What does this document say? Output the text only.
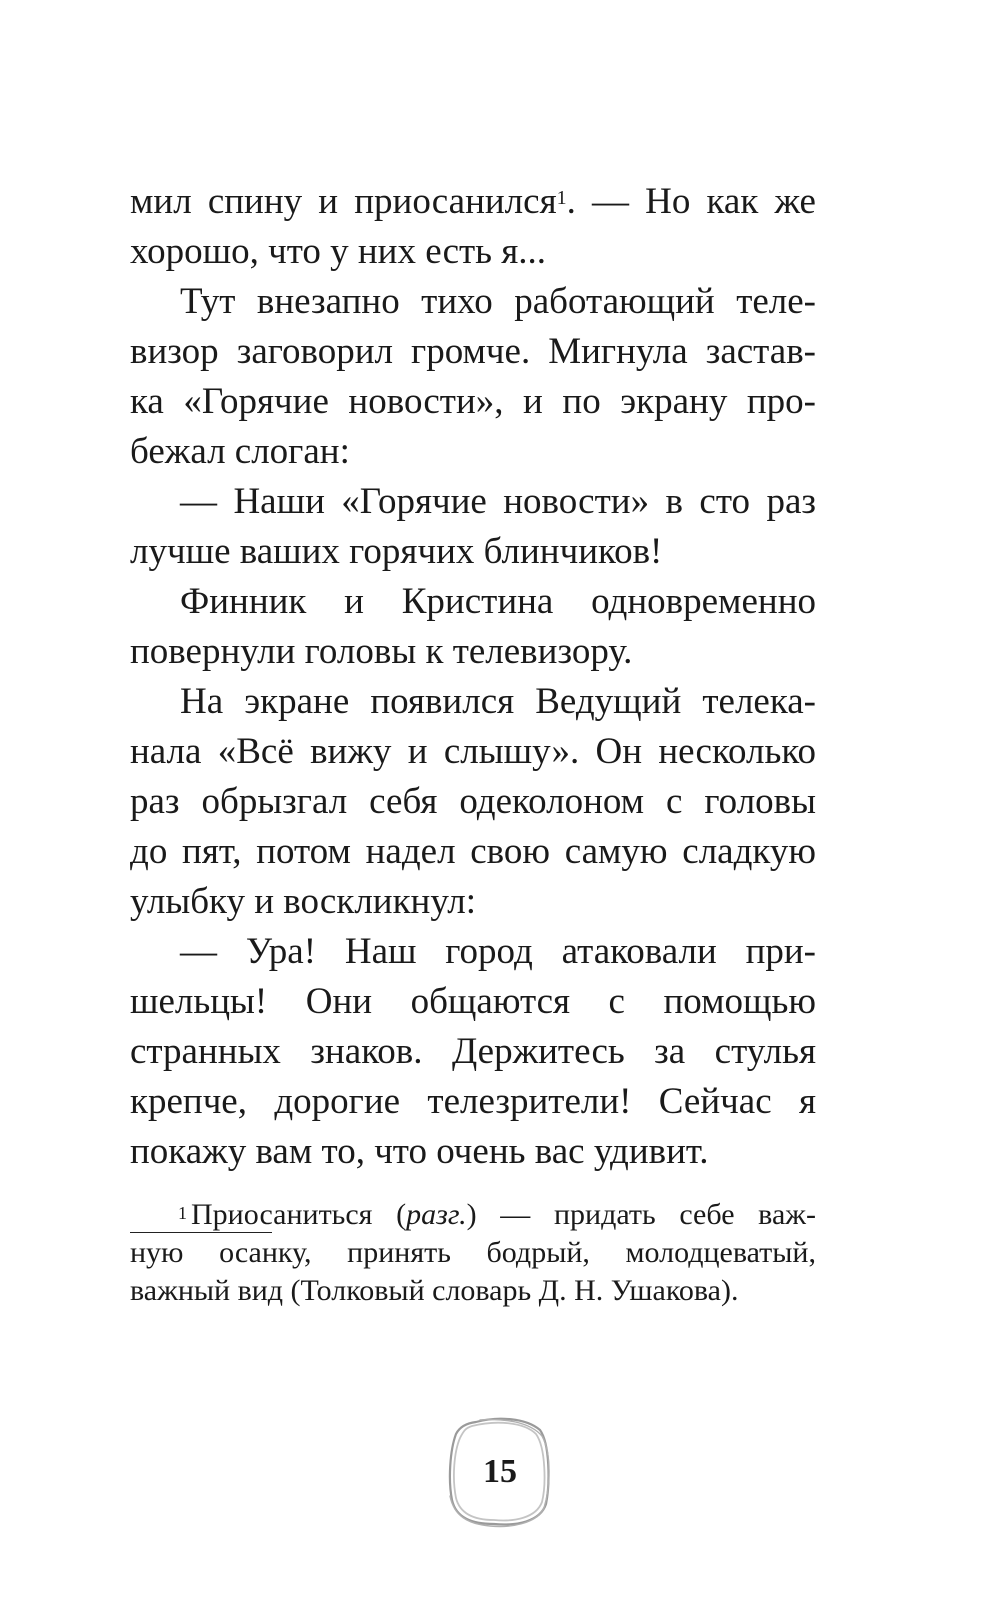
мил спину и приосанился$^1$. — Но как же
хорошо, что у них есть я...
Тут внезапно тихо работающий теле-
визор заговорил громче. Мигнула застав-
ка «Горячие новости», и по экрану про-
бежал слоган:
— Наши «Горячие новости» в сто раз
лучше ваших горячих блинчиков!
Финник и Кристина одновременно
повернули головы к телевизору.
На экране появился Ведущий телека-
нала «Всё вижу и слышу». Он несколько
раз обрызгал себя одеколоном с головы
до пят, потом надел свою самую сладкую
улыбку и воскликнул:
— Ура! Наш город атаковали при-
шельцы! Они общаются с помощью
странных знаков. Держитесь за стулья
крепче, дорогие телезрители! Сейчас я
покажу вам то, что очень вас удивит.
$^1$ Приосаниться (разг.) — придать себе важ-
ную осанку, принять бодрый, молодцеватый,
важный вид (Толковый словарь Д. Н. Ушакова).
15
